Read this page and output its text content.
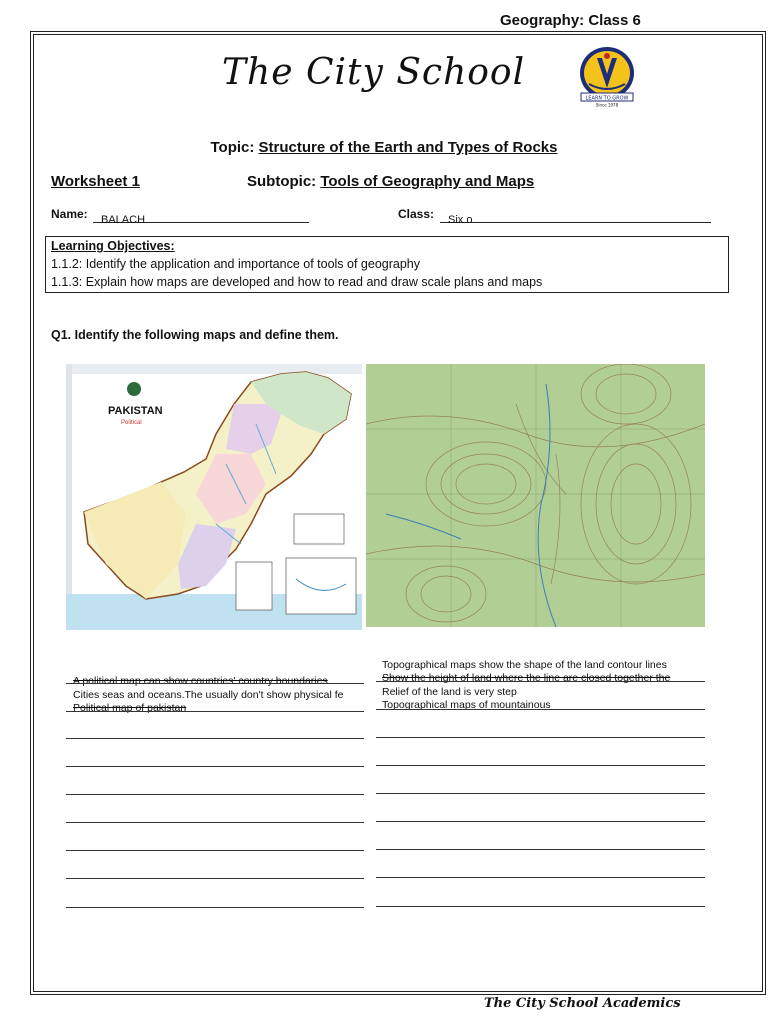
Geography: Class 6
The City School
LEARN TO GROW
Since 1978
Topic: Structure of the Earth and Types of Rocks
Worksheet 1	Subtopic: Tools of Geography and Maps
Name:	BALACH	Class:	Six o
Learning Objectives:
1.1.2: Identify the application and importance of tools of geography
1.1.3: Explain how maps are developed and how to read and draw scale plans and maps
Q1. Identify the following maps and define them.
PAKISTAN
Political
A political map can show countries' country boundaries
Cities seas and oceans.The usually don't show physical fe
Political map of pakistan
Topographical maps show the shape of the land contour lines
Show the height of land where the line are closed together the
Relief of the land is very step
Topographical maps of mountainous
The City School Academics
